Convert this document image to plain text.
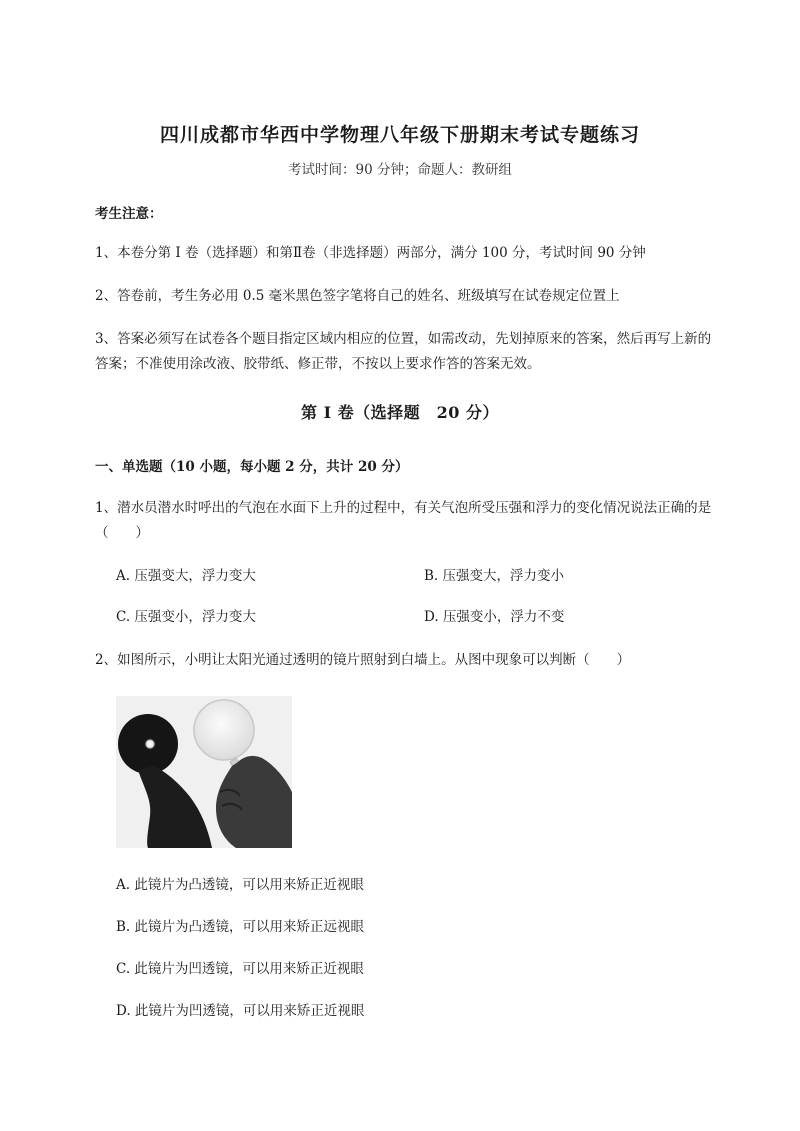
四川成都市华西中学物理八年级下册期末考试专题练习
考试时间：90 分钟；命题人：教研组
考生注意：
1、本卷分第 I 卷（选择题）和第Ⅱ卷（非选择题）两部分，满分 100 分，考试时间 90 分钟
2、答卷前，考生务必用 0.5 毫米黑色签字笔将自己的姓名、班级填写在试卷规定位置上
3、答案必须写在试卷各个题目指定区域内相应的位置，如需改动，先划掉原来的答案，然后再写上新的答案；不准使用涂改液、胶带纸、修正带，不按以上要求作答的答案无效。
第 I 卷（选择题　20 分）
一、单选题（10 小题，每小题 2 分，共计 20 分）
1、潜水员潜水时呼出的气泡在水面下上升的过程中，有关气泡所受压强和浮力的变化情况说法正确的是（　　）
A. 压强变大，浮力变大	B. 压强变大，浮力变小
C. 压强变小，浮力变大	D. 压强变小，浮力不变
2、如图所示，小明让太阳光通过透明的镜片照射到白墙上。从图中现象可以判断（　　）
A. 此镜片为凸透镜，可以用来矫正近视眼
B. 此镜片为凸透镜，可以用来矫正远视眼
C. 此镜片为凹透镜，可以用来矫正近视眼
D. 此镜片为凹透镜，可以用来矫正近视眼
